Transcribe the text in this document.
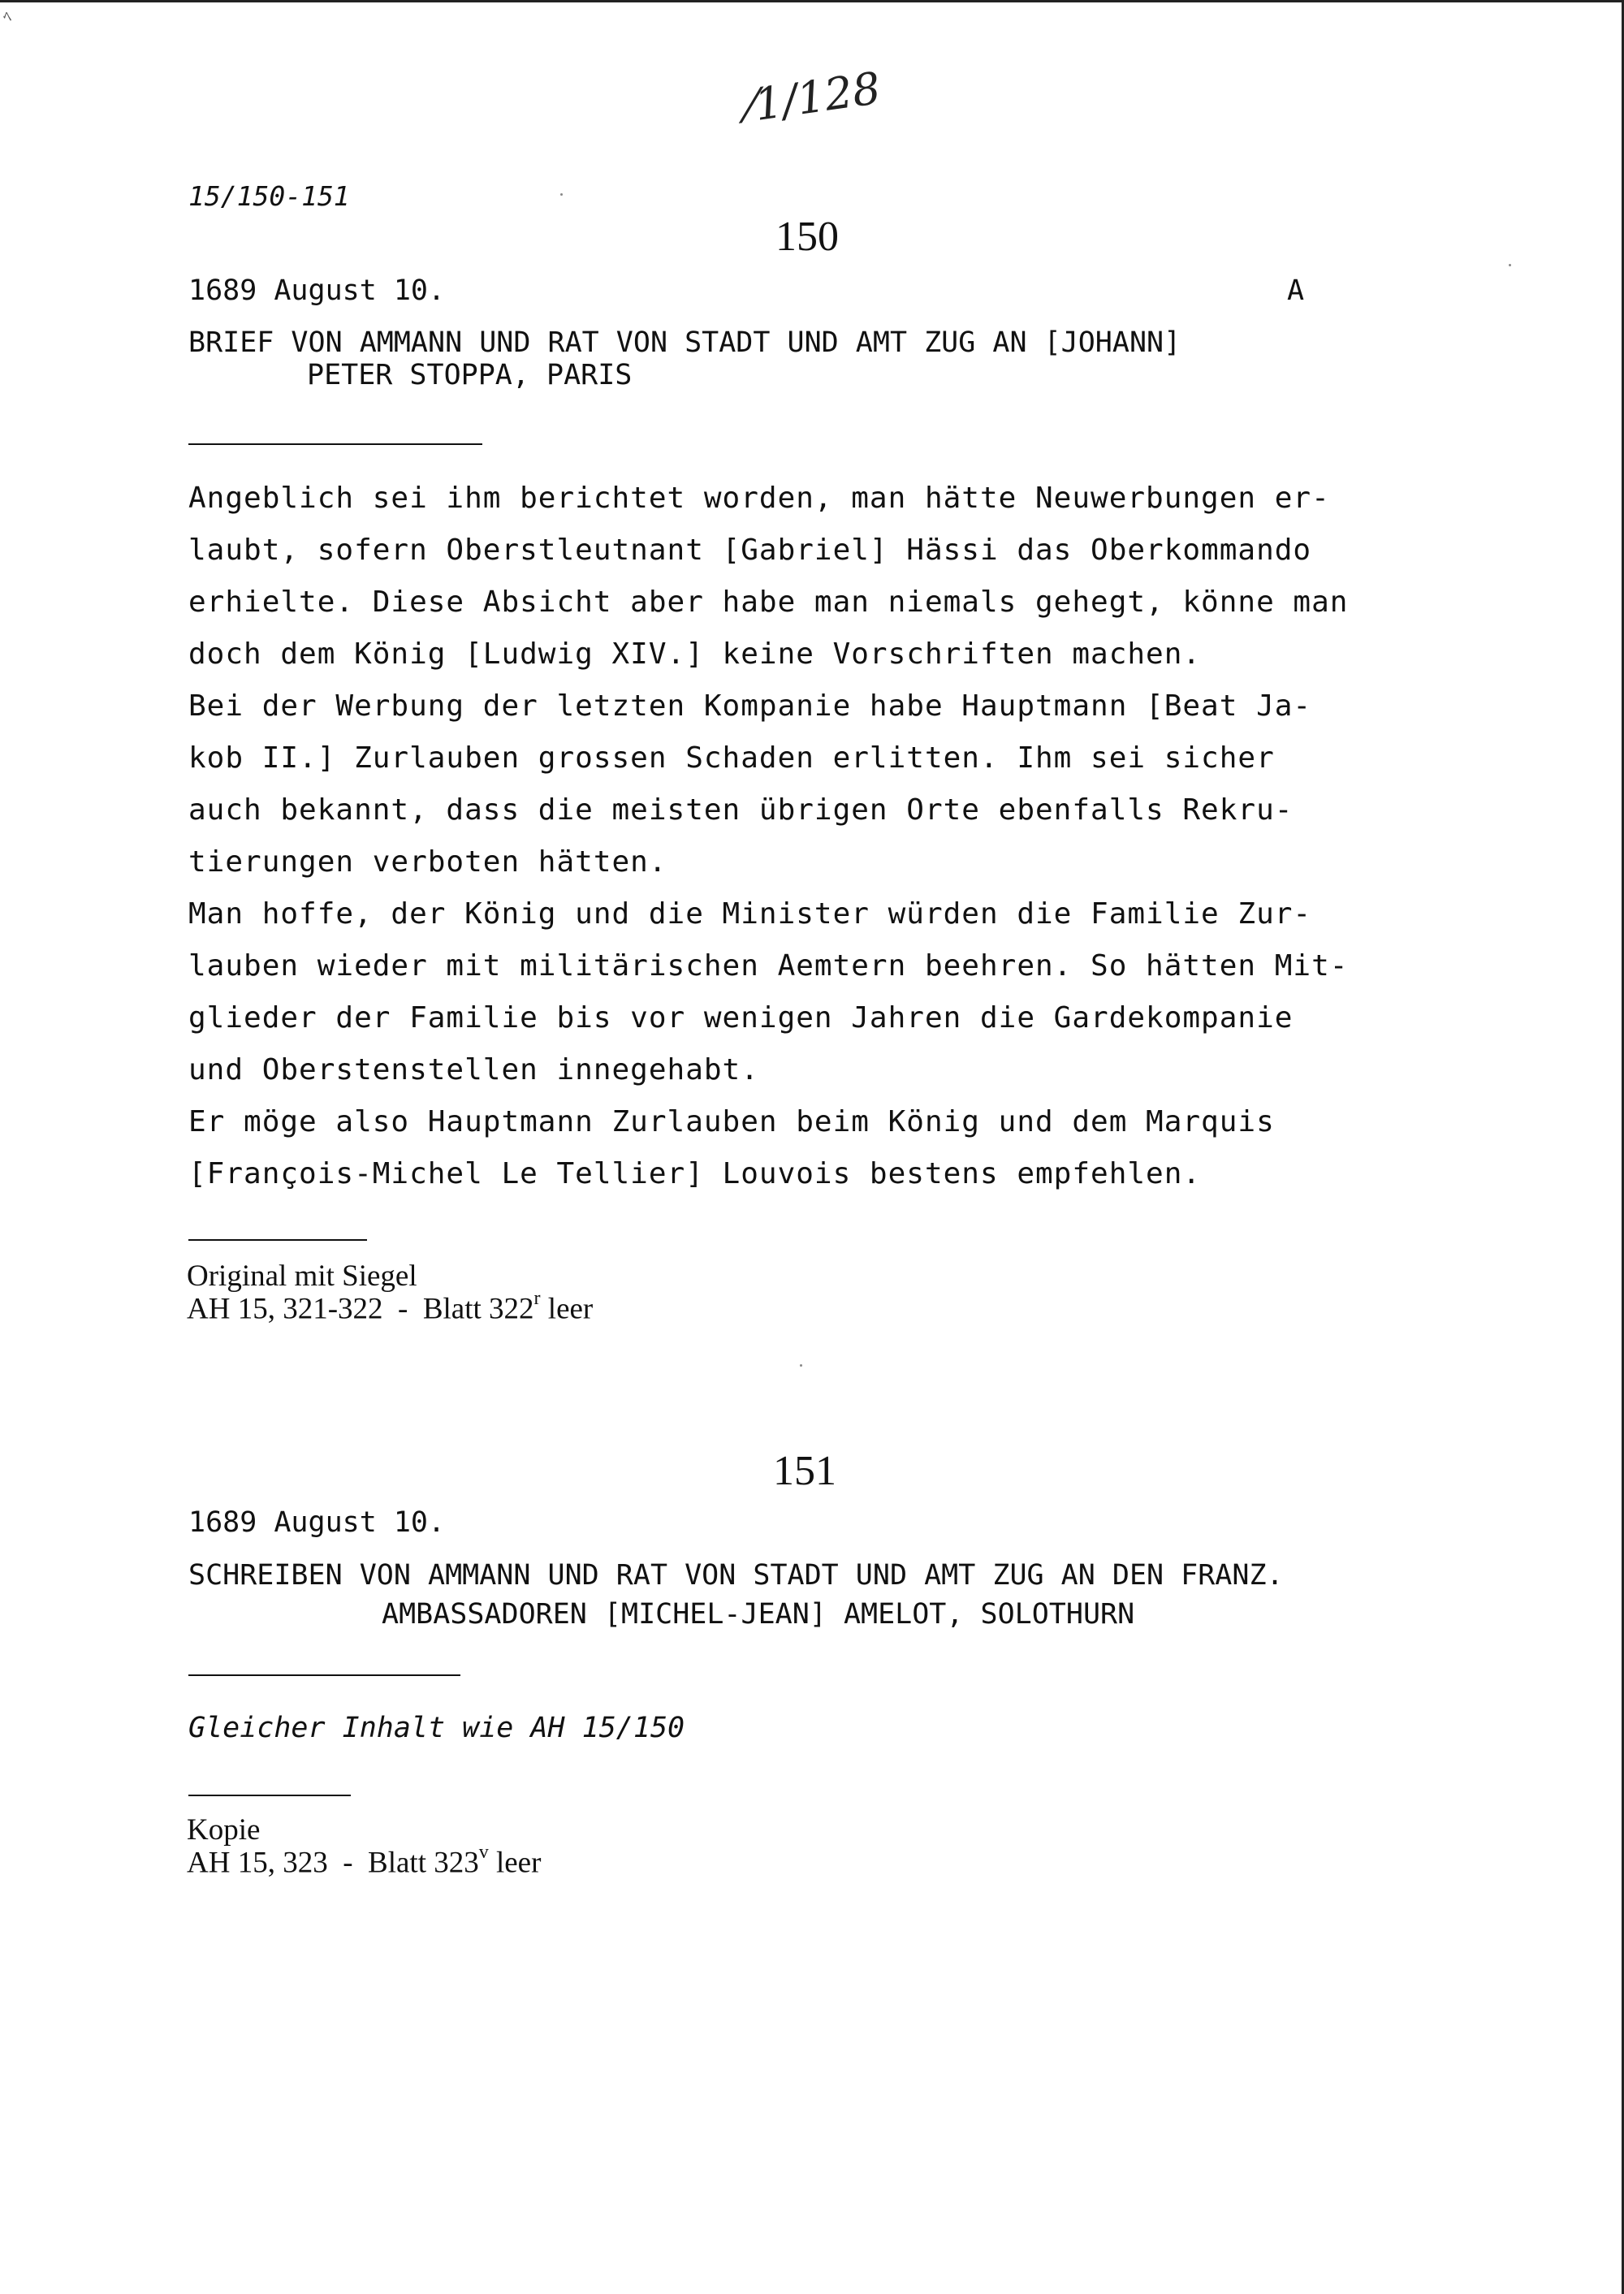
ﾍ
⁄1/128
15/150-151
150
1689 August 10.	A
BRIEF VON AMMANN UND RAT VON STADT UND AMT ZUG AN [JOHANN]
PETER STOPPA, PARIS

Angeblich sei ihm berichtet worden, man hätte Neuwerbungen er-

laubt, sofern Oberstleutnant [Gabriel] Hässi das Oberkommando

erhielte. Diese Absicht aber habe man niemals gehegt, könne man

doch dem König [Ludwig XIV.] keine Vorschriften machen.

Bei der Werbung der letzten Kompanie habe Hauptmann [Beat Ja-

kob II.] Zurlauben grossen Schaden erlitten. Ihm sei sicher

auch bekannt, dass die meisten übrigen Orte ebenfalls Rekru-

tierungen verboten hätten.

Man hoffe, der König und die Minister würden die Familie Zur-

lauben wieder mit militärischen Aemtern beehren. So hätten Mit-

glieder der Familie bis vor wenigen Jahren die Gardekompanie

und Oberstenstellen innegehabt.

Er möge also Hauptmann Zurlauben beim König und dem Marquis

[François-Michel Le Tellier] Louvois bestens empfehlen.

Original mit Siegel
AH 15, 321-322 - Blatt 322$^r$ leer
151
1689 August 10.
SCHREIBEN VON AMMANN UND RAT VON STADT UND AMT ZUG AN DEN FRANZ.
AMBASSADOREN [MICHEL-JEAN] AMELOT, SOLOTHURN
Gleicher Inhalt wie AH 15/150
Kopie
AH 15, 323 - Blatt 323$^v$ leer
